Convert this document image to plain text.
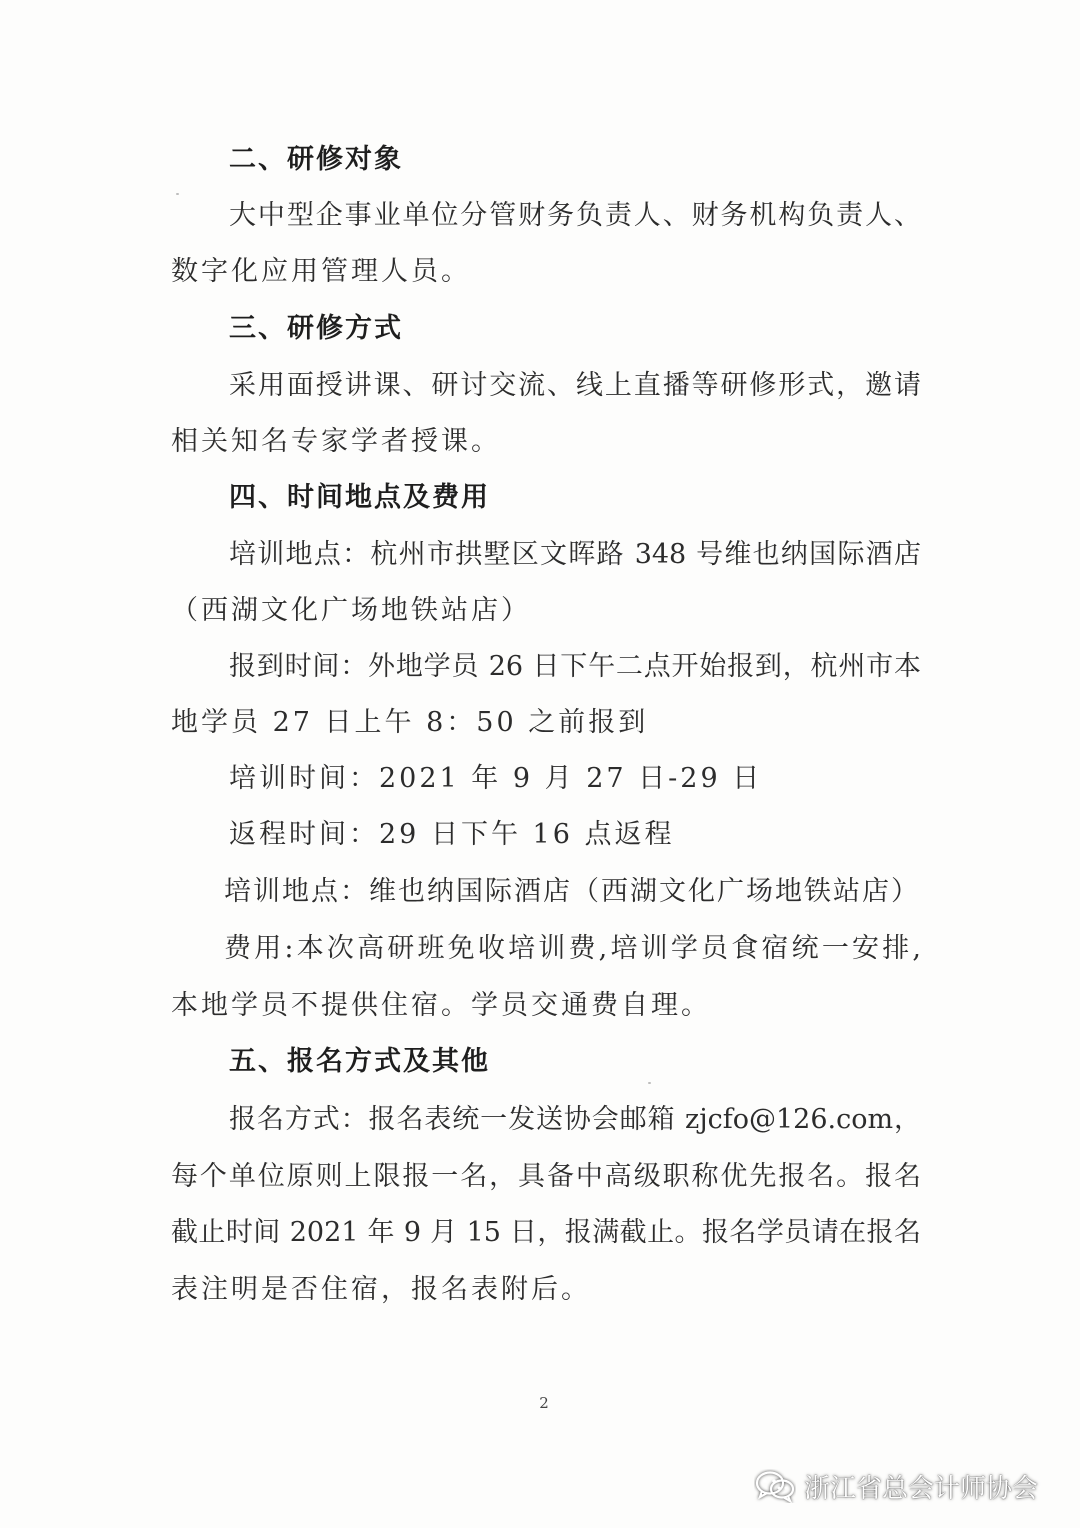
二、研修对象
大中型企事业单位分管财务负责人、财务机构负责人、
数字化应用管理人员。
三、研修方式
采用面授讲课、研讨交流、线上直播等研修形式，邀请
相关知名专家学者授课。
四、时间地点及费用
培训地点：杭州市拱墅区文晖路 348 号维也纳国际酒店
（西湖文化广场地铁站店）
报到时间：外地学员 26 日下午二点开始报到，杭州市本
地学员 27 日上午 8：50 之前报到
培训时间：2021 年 9 月 27 日-29 日
返程时间：29 日下午 16 点返程
培训地点：维也纳国际酒店（西湖文化广场地铁站店）
费用:本次高研班免收培训费,培训学员食宿统一安排,
本地学员不提供住宿。学员交通费自理。
五、报名方式及其他
报名方式：报名表统一发送协会邮箱 zjcfo@126.com，
每个单位原则上限报一名，具备中高级职称优先报名。报名
截止时间 2021 年 9 月 15 日，报满截止。报名学员请在报名
表注明是否住宿，报名表附后。
2
浙江省总会计师协会
